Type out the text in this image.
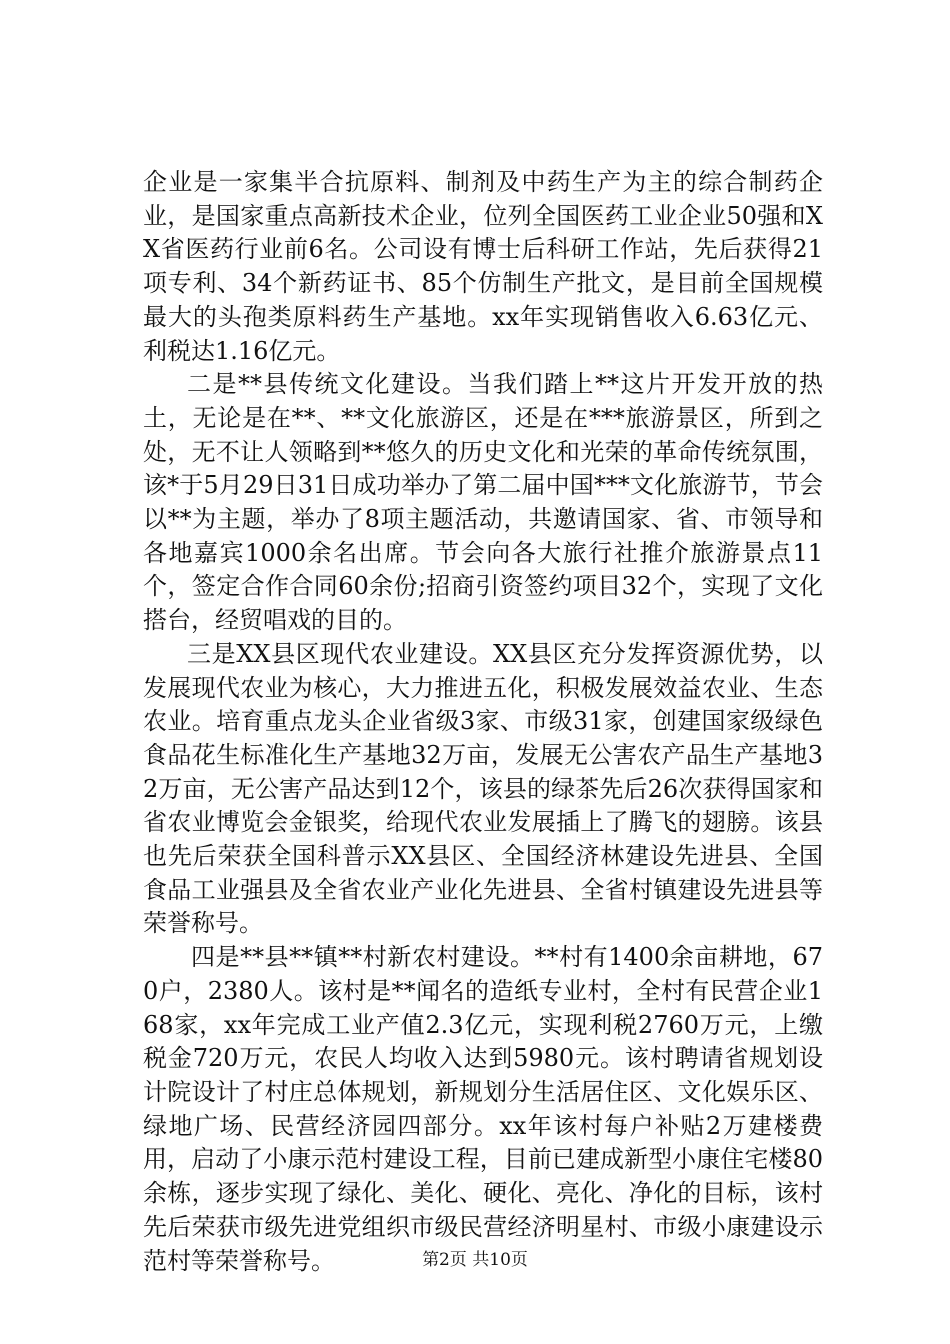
企业是一家集半合抗原料、制剂及中药生产为主的综合制药企业，是国家重点高新技术企业，位列全国医药工业企业50强和XX省医药行业前6名。公司设有博士后科研工作站，先后获得21项专利、34个新药证书、85个仿制生产批文，是目前全国规模最大的头孢类原料药生产基地。xx年实现销售收入6.63亿元、利税达1.16亿元。

二是**县传统文化建设。当我们踏上**这片开发开放的热土，无论是在**、**文化旅游区，还是在***旅游景区，所到之处，无不让人领略到**悠久的历史文化和光荣的革命传统氛围，该*于5月29日31日成功举办了第二届中国***文化旅游节，节会以**为主题，举办了8项主题活动，共邀请国家、省、市领导和各地嘉宾1000余名出席。节会向各大旅行社推介旅游景点11个，签定合作合同60余份;招商引资签约项目32个，实现了文化搭台，经贸唱戏的目的。

三是XX县区现代农业建设。XX县区充分发挥资源优势，以发展现代农业为核心，大力推进五化，积极发展效益农业、生态农业。培育重点龙头企业省级3家、市级31家，创建国家级绿色食品花生标准化生产基地32万亩，发展无公害农产品生产基地32万亩，无公害产品达到12个，该县的绿茶先后26次获得国家和省农业博览会金银奖，给现代农业发展插上了腾飞的翅膀。该县也先后荣获全国科普示XX县区、全国经济林建设先进县、全国食品工业强县及全省农业产业化先进县、全省村镇建设先进县等荣誉称号。

四是**县**镇**村新农村建设。**村有1400余亩耕地，670户，2380人。该村是**闻名的造纸专业村，全村有民营企业168家，xx年完成工业产值2.3亿元，实现利税2760万元，上缴税金720万元，农民人均收入达到5980元。该村聘请省规划设计院设计了村庄总体规划，新规划分生活居住区、文化娱乐区、绿地广场、民营经济园四部分。xx年该村每户补贴2万建楼费用，启动了小康示范村建设工程，目前已建成新型小康住宅楼80余栋，逐步实现了绿化、美化、硬化、亮化、净化的目标，该村先后荣获市级先进党组织市级民营经济明星村、市级小康建设示范村等荣誉称号。	第2页 共10页
